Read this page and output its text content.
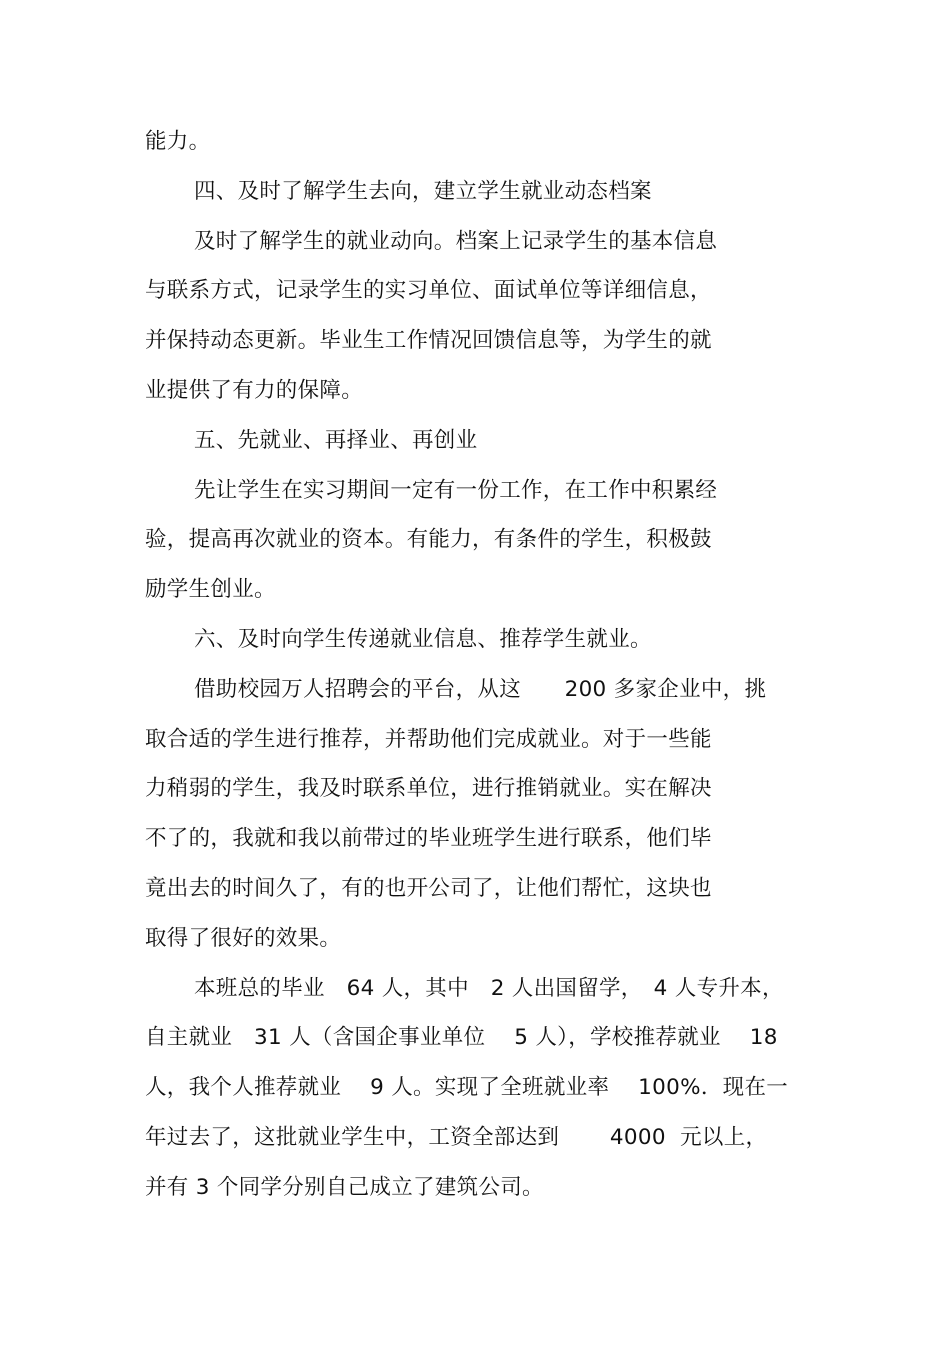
能力。
四、及时了解学生去向，建立学生就业动态档案
及时了解学生的就业动向。档案上记录学生的基本信息
与联系方式，记录学生的实习单位、面试单位等详细信息，
并保持动态更新。毕业生工作情况回馈信息等，为学生的就
业提供了有力的保障。
五、先就业、再择业、再创业
先让学生在实习期间一定有一份工作，在工作中积累经
验，提高再次就业的资本。有能力，有条件的学生，积极鼓
励学生创业。
六、及时向学生传递就业信息、推荐学生就业。
借助校园万人招聘会的平台，从这　　200 多家企业中，挑
取合适的学生进行推荐，并帮助他们完成就业。对于一些能
力稍弱的学生，我及时联系单位，进行推销就业。实在解决
不了的，我就和我以前带过的毕业班学生进行联系，他们毕
竟出去的时间久了，有的也开公司了，让他们帮忙，这块也
取得了很好的效果。
本班总的毕业　64 人，其中　2 人出国留学，　4 人专升本，
自主就业　31 人（含国企事业单位　 5 人），学校推荐就业　 18
人，我个人推荐就业　 9 人。实现了全班就业率　 100%．现在一
年过去了，这批就业学生中，工资全部达到　　 4000  元以上，
并有 3 个同学分别自己成立了建筑公司。
